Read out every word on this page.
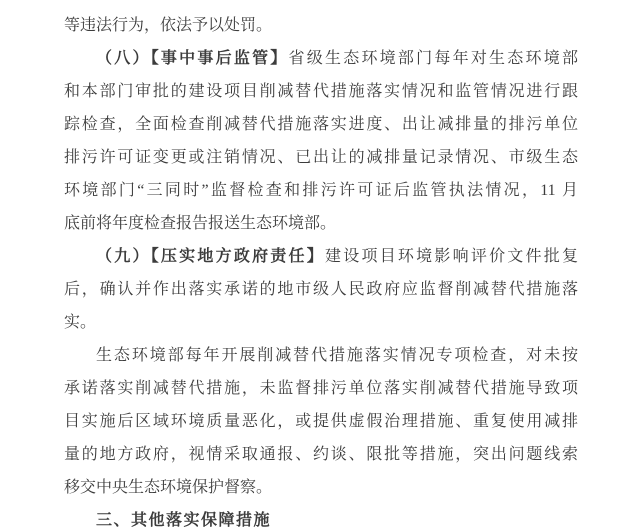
等违法行为，依法予以处罚。
（八）【事中事后监管】省级生态环境部门每年对生态环境部
和本部门审批的建设项目削减替代措施落实情况和监管情况进行跟
踪检查，全面检查削减替代措施落实进度、出让减排量的排污单位
排污许可证变更或注销情况、已出让的减排量记录情况、市级生态
环境部门“三同时”监督检查和排污许可证后监管执法情况，11 月
底前将年度检查报告报送生态环境部。
（九）【压实地方政府责任】建设项目环境影响评价文件批复
后，确认并作出落实承诺的地市级人民政府应监督削减替代措施落
实。
生态环境部每年开展削减替代措施落实情况专项检查，对未按
承诺落实削减替代措施，未监督排污单位落实削减替代措施导致项
目实施后区域环境质量恶化，或提供虚假治理措施、重复使用减排
量的地方政府，视情采取通报、约谈、限批等措施，突出问题线索
移交中央生态环境保护督察。
三、其他落实保障措施
